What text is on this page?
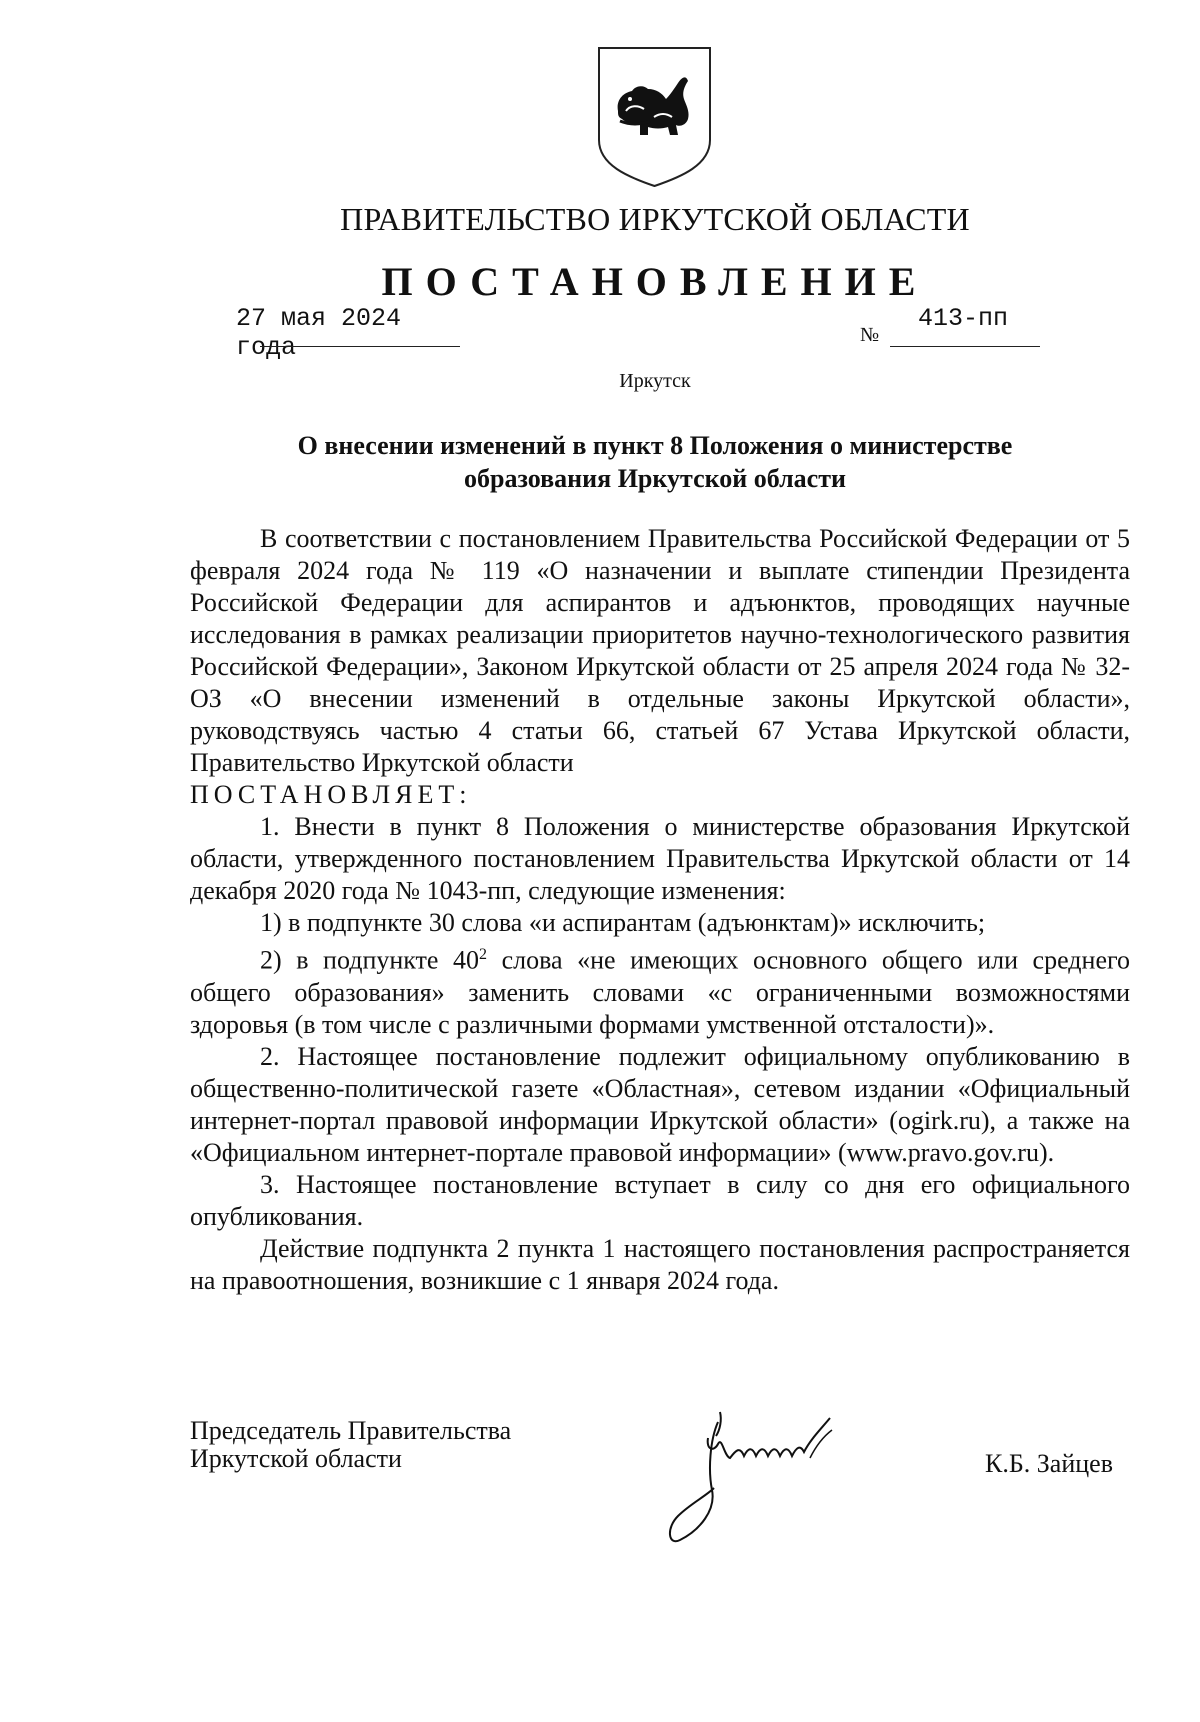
ПРАВИТЕЛЬСТВО ИРКУТСКОЙ ОБЛАСТИ
ПОСТАНОВЛЕНИЕ
27 мая 2024 года	№
413-пп
Иркутск
О внесении изменений в пункт 8 Положения о министерстве
образования Иркутской области

В соответствии с постановлением Правительства Российской Федерации от 5 февраля 2024 года № 119 «О назначении и выплате стипендии Президента Российской Федерации для аспирантов и адъюнктов, проводящих научные исследования в рамках реализации приоритетов научно-технологического развития Российской Федерации», Законом Иркутской области от 25 апреля 2024 года № 32-ОЗ «О внесении изменений в отдельные законы Иркутской области», руководствуясь частью 4 статьи 66, статьей 67 Устава Иркутской области, Правительство Иркутской области

ПОСТАНОВЛЯЕТ:

1. Внести в пункт 8 Положения о министерстве образования Иркутской области, утвержденного постановлением Правительства Иркутской области от 14 декабря 2020 года № 1043-пп, следующие изменения:

1) в подпункте 30 слова «и аспирантам (адъюнктам)» исключить;

2) в подпункте $40^2$ слова «не имеющих основного общего или среднего общего образования» заменить словами «с ограниченными возможностями здоровья (в том числе с различными формами умственной отсталости)».

2. Настоящее постановление подлежит официальному опубликованию в общественно-политической газете «Областная», сетевом издании «Официальный интернет-портал правовой информации Иркутской области» (ogirk.ru), а также на «Официальном интернет-портале правовой информации» (www.pravo.gov.ru).

3. Настоящее постановление вступает в силу со дня его официального опубликования.

Действие подпункта 2 пункта 1 настоящего постановления распространяется на правоотношения, возникшие с 1 января 2024 года.

Председатель Правительства
Иркутской области	К.Б. Зайцев
